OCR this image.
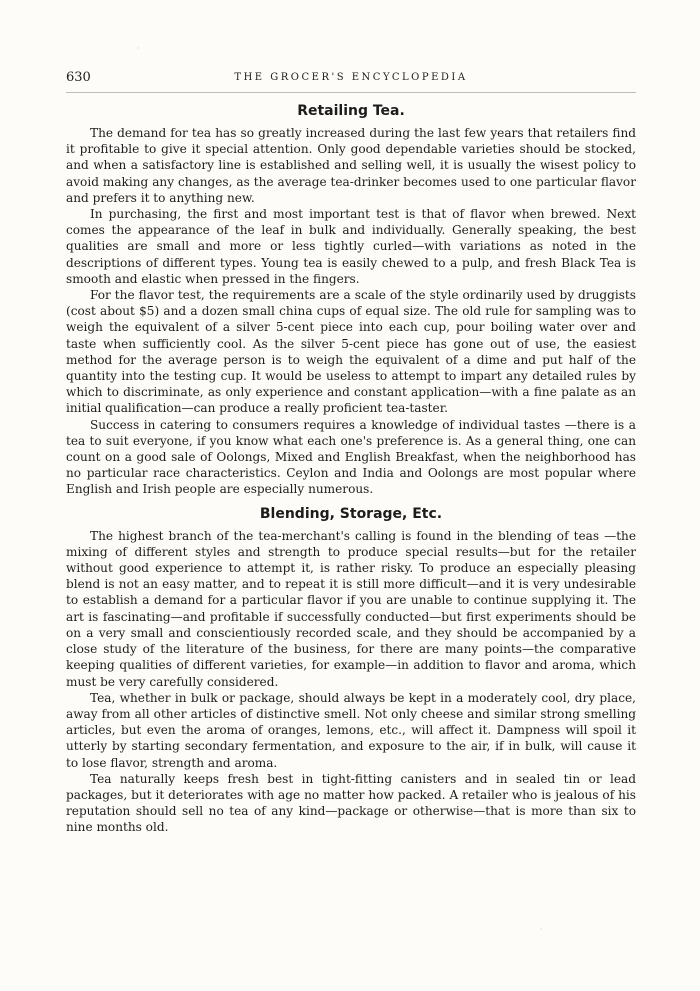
630	THE GROCER'S ENCYCLOPEDIA
Retailing Tea.

The demand for tea has so greatly increased during the last few years that retailers find it profitable to give it special attention. Only good dependable varieties should be stocked, and when a satisfactory line is established and selling well, it is usually the wisest policy to avoid making any changes, as the average tea-drinker becomes used to one particular flavor and prefers it to anything new.

In purchasing, the first and most important test is that of flavor when brewed. Next comes the appearance of the leaf in bulk and individually. Generally speaking, the best qualities are small and more or less tightly curled—with variations as noted in the descriptions of different types. Young tea is easily chewed to a pulp, and fresh Black Tea is smooth and elastic when pressed in the fingers.

For the flavor test, the requirements are a scale of the style ordinarily used by druggists (cost about $5) and a dozen small china cups of equal size. The old rule for sampling was to weigh the equivalent of a silver 5-cent piece into each cup, pour boiling water over and taste when sufficiently cool. As the silver 5-cent piece has gone out of use, the easiest method for the average person is to weigh the equivalent of a dime and put half of the quantity into the testing cup. It would be useless to attempt to impart any detailed rules by which to discriminate, as only experience and constant application—with a fine palate as an initial qualification—can produce a really proficient tea-taster.

Success in catering to consumers requires a knowledge of individual tastes —there is a tea to suit everyone, if you know what each one's preference is. As a general thing, one can count on a good sale of Oolongs, Mixed and English Breakfast, when the neighborhood has no particular race characteristics. Ceylon and India and Oolongs are most popular where English and Irish people are especially numerous.

Blending, Storage, Etc.

The highest branch of the tea-merchant's calling is found in the blending of teas —the mixing of different styles and strength to produce special results—but for the retailer without good experience to attempt it, is rather risky. To produce an especially pleasing blend is not an easy matter, and to repeat it is still more difficult—and it is very undesirable to establish a demand for a particular flavor if you are unable to continue supplying it. The art is fascinating—and profitable if successfully conducted—but first experiments should be on a very small and conscientiously recorded scale, and they should be accompanied by a close study of the literature of the business, for there are many points—the comparative keeping qualities of different varieties, for example—in addition to flavor and aroma, which must be very carefully considered.

Tea, whether in bulk or package, should always be kept in a moderately cool, dry place, away from all other articles of distinctive smell. Not only cheese and similar strong smelling articles, but even the aroma of oranges, lemons, etc., will affect it. Dampness will spoil it utterly by starting secondary fermentation, and exposure to the air, if in bulk, will cause it to lose flavor, strength and aroma.

Tea naturally keeps fresh best in tight-fitting canisters and in sealed tin or lead packages, but it deteriorates with age no matter how packed. A retailer who is jealous of his reputation should sell no tea of any kind—package or otherwise—that is more than six to nine months old.

·
·
